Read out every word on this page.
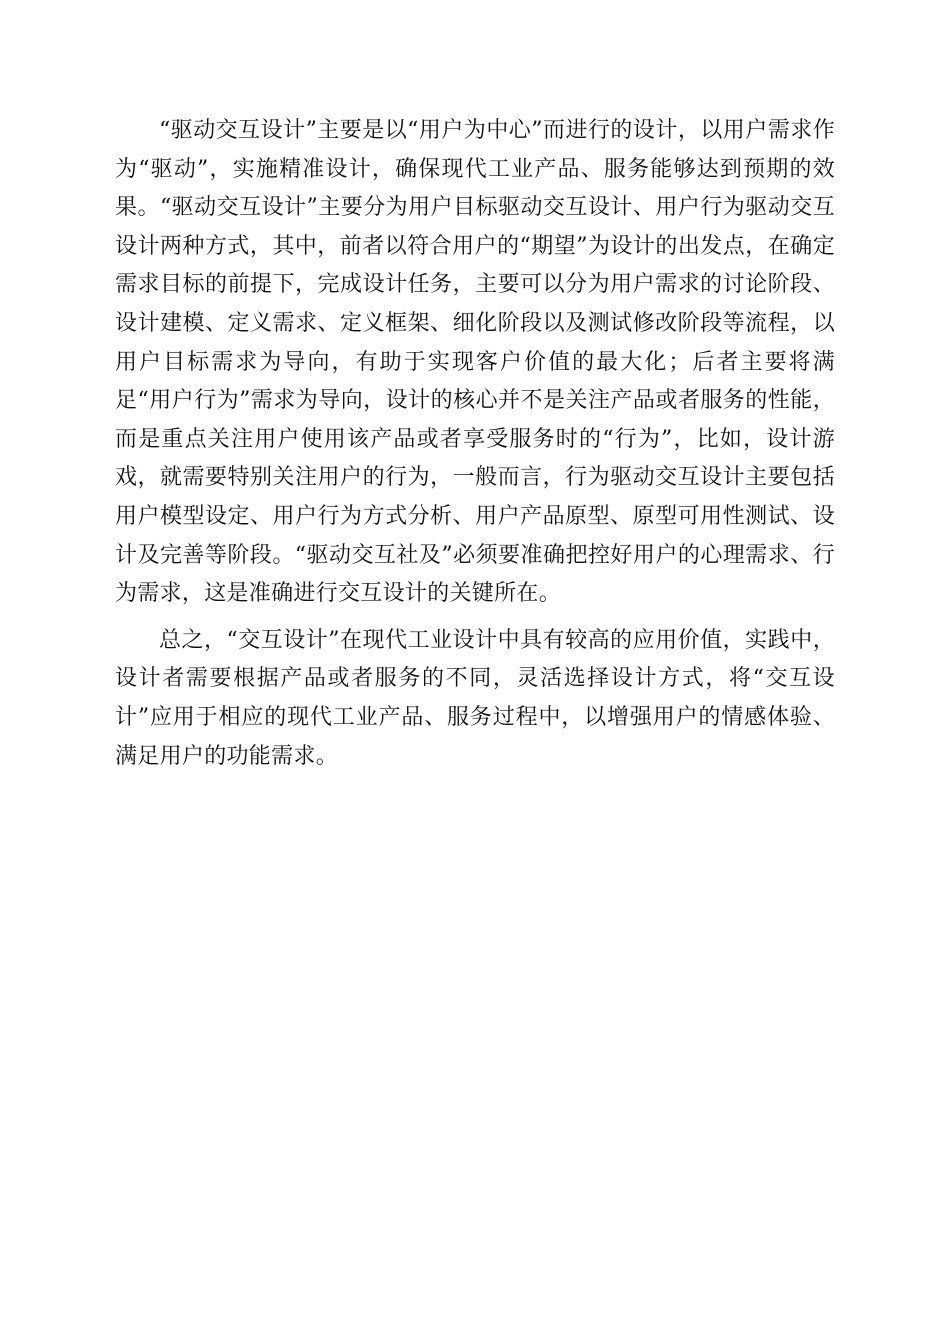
“驱动交互设计”主要是以“用户为中心”而进行的设计，以用户需求作为“驱动”，实施精准设计，确保现代工业产品、服务能够达到预期的效果。“驱动交互设计”主要分为用户目标驱动交互设计、用户行为驱动交互设计两种方式，其中，前者以符合用户的“期望”为设计的出发点，在确定需求目标的前提下，完成设计任务，主要可以分为用户需求的讨论阶段、设计建模、定义需求、定义框架、细化阶段以及测试修改阶段等流程，以用户目标需求为导向，有助于实现客户价值的最大化；后者主要将满足“用户行为”需求为导向，设计的核心并不是关注产品或者服务的性能，而是重点关注用户使用该产品或者享受服务时的“行为”，比如，设计游戏，就需要特别关注用户的行为，一般而言，行为驱动交互设计主要包括用户模型设定、用户行为方式分析、用户产品原型、原型可用性测试、设计及完善等阶段。“驱动交互社及”必须要准确把控好用户的心理需求、行为需求，这是准确进行交互设计的关键所在。

总之，“交互设计”在现代工业设计中具有较高的应用价值，实践中，设计者需要根据产品或者服务的不同，灵活选择设计方式，将“交互设计”应用于相应的现代工业产品、服务过程中，以增强用户的情感体验、满足用户的功能需求。
